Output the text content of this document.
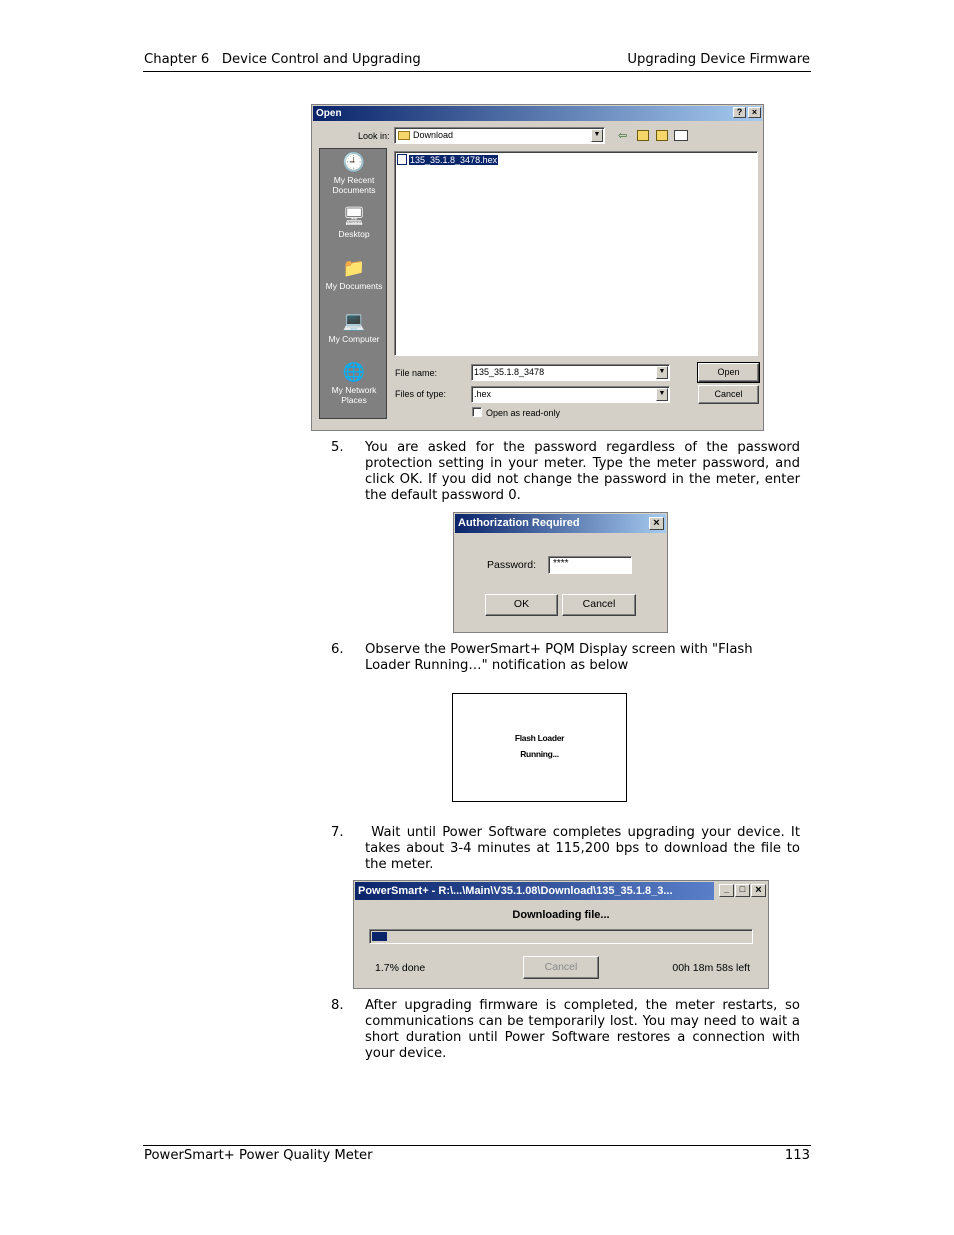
Chapter 6   Device Control and Upgrading	Upgrading Device Firmware
Open	?	×
Look in:	Download	▼ ⇦
🕘
My Recent Documents
🖥
Desktop
📁
My Documents
💻
My Computer
🌐
My Network Places
135_35.1.8_3478.hex
File name:	135_35.1.8_3478	▼
Files of type:	.hex	▼
Open as read-only
Open
Cancel
5. You are asked for the password regardless of the password protection setting in your meter. Type the meter password, and click OK. If you did not change the password in the meter, enter the default password 0.
Authorization Required	×
Password:	****
OK	Cancel
6. Observe the PowerSmart+ PQM Display screen with "Flash Loader Running…" notification as below
Flash Loader
Running...
7. Wait until Power Software completes upgrading your device. It takes about 3-4 minutes at 115,200 bps to download the file to the meter.
PowerSmart+ - R:\...\Main\V35.1.08\Download\135_35.1.8_3...	_	□ ×
Downloading file...
1.7% done	Cancel	00h 18m 58s left
8. After upgrading firmware is completed, the meter restarts, so communications can be temporarily lost. You may need to wait a short duration until Power Software restores a connection with your device.
PowerSmart+ Power Quality Meter	113
